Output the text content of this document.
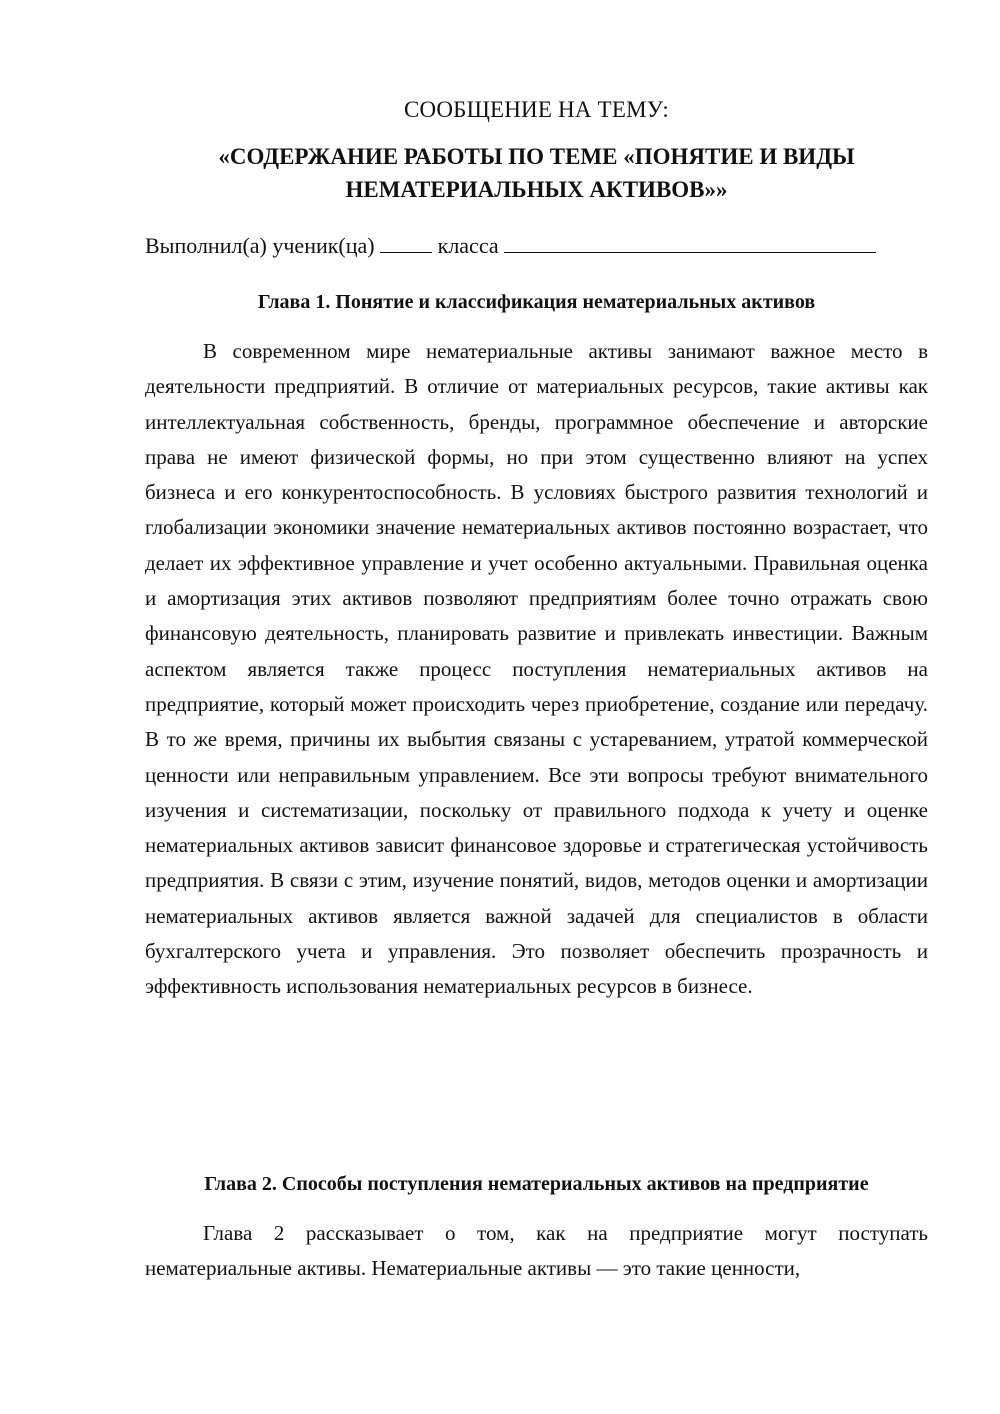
СООБЩЕНИЕ НА ТЕМУ:
«СОДЕРЖАНИЕ РАБОТЫ ПО ТЕМЕ «ПОНЯТИЕ И ВИДЫ
НЕМАТЕРИАЛЬНЫХ АКТИВОВ»»
Выполнил(а) ученик(ца)	класса
Глава 1. Понятие и классификация нематериальных активов

В современном мире нематериальные активы занимают важное место в деятельности предприятий. В отличие от материальных ресурсов, такие активы как интеллектуальная собственность, бренды, программное обеспечение и авторские права не имеют физической формы, но при этом существенно влияют на успех бизнеса и его конкурентоспособность. В условиях быстрого развития технологий и глобализации экономики значение нематериальных активов постоянно возрастает, что делает их эффективное управление и учет особенно актуальными. Правильная оценка и амортизация этих активов позволяют предприятиям более точно отражать свою финансовую деятельность, планировать развитие и привлекать инвестиции. Важным аспектом является также процесс поступления нематериальных активов на предприятие, который может происходить через приобретение, создание или передачу. В то же время, причины их выбытия связаны с устареванием, утратой коммерческой ценности или неправильным управлением. Все эти вопросы требуют внимательного изучения и систематизации, поскольку от правильного подхода к учету и оценке нематериальных активов зависит финансовое здоровье и стратегическая устойчивость предприятия. В связи с этим, изучение понятий, видов, методов оценки и амортизации нематериальных активов является важной задачей для специалистов в области бухгалтерского учета и управления. Это позволяет обеспечить прозрачность и эффективность использования нематериальных ресурсов в бизнесе.

Глава 2. Способы поступления нематериальных активов на предприятие

Глава 2 рассказывает о том, как на предприятие могут поступать нематериальные активы. Нематериальные активы — это такие ценности,
